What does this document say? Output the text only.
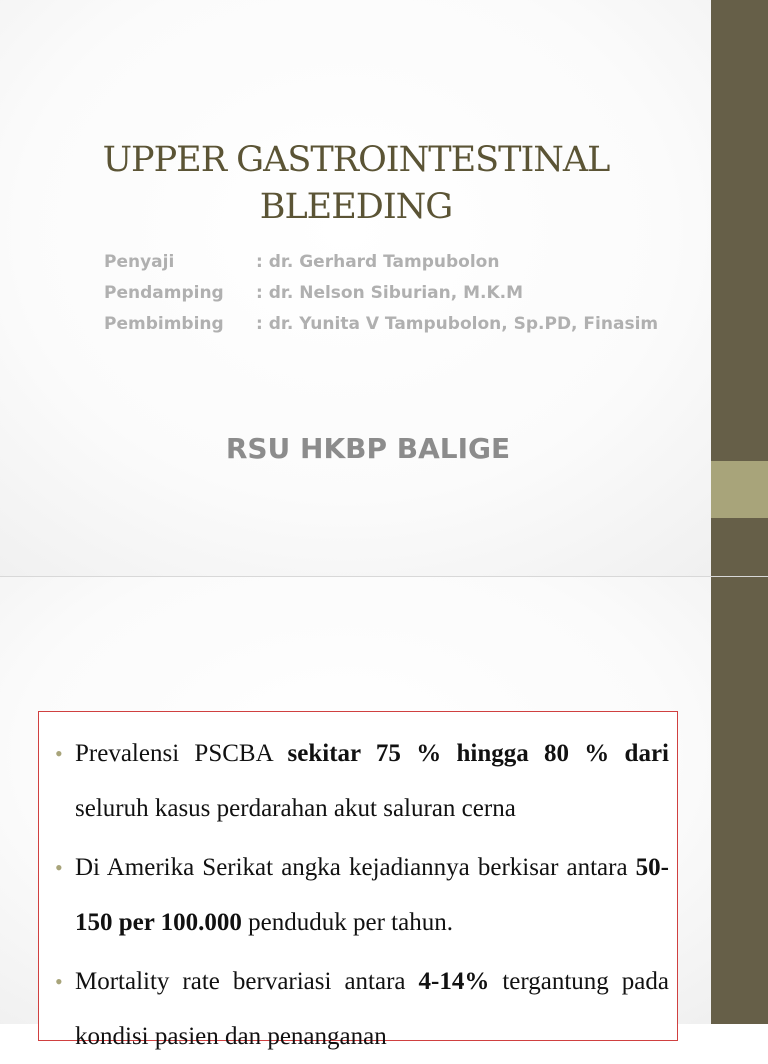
UPPER GASTROINTESTINAL
BLEEDING
Penyaji	: dr. Gerhard Tampubolon
Pendamping	: dr. Nelson Siburian, M.K.M
Pembimbing	: dr. Yunita V Tampubolon, Sp.PD, Finasim
RSU HKBP BALIGE
• Prevalensi PSCBA sekitar 75 % hingga 80 % dari seluruh kasus perdarahan akut saluran cerna
• Di Amerika Serikat angka kejadiannya berkisar antara 50-150 per 100.000 penduduk per tahun.
• Mortality rate bervariasi antara 4-14% tergantung pada kondisi pasien dan penanganan
